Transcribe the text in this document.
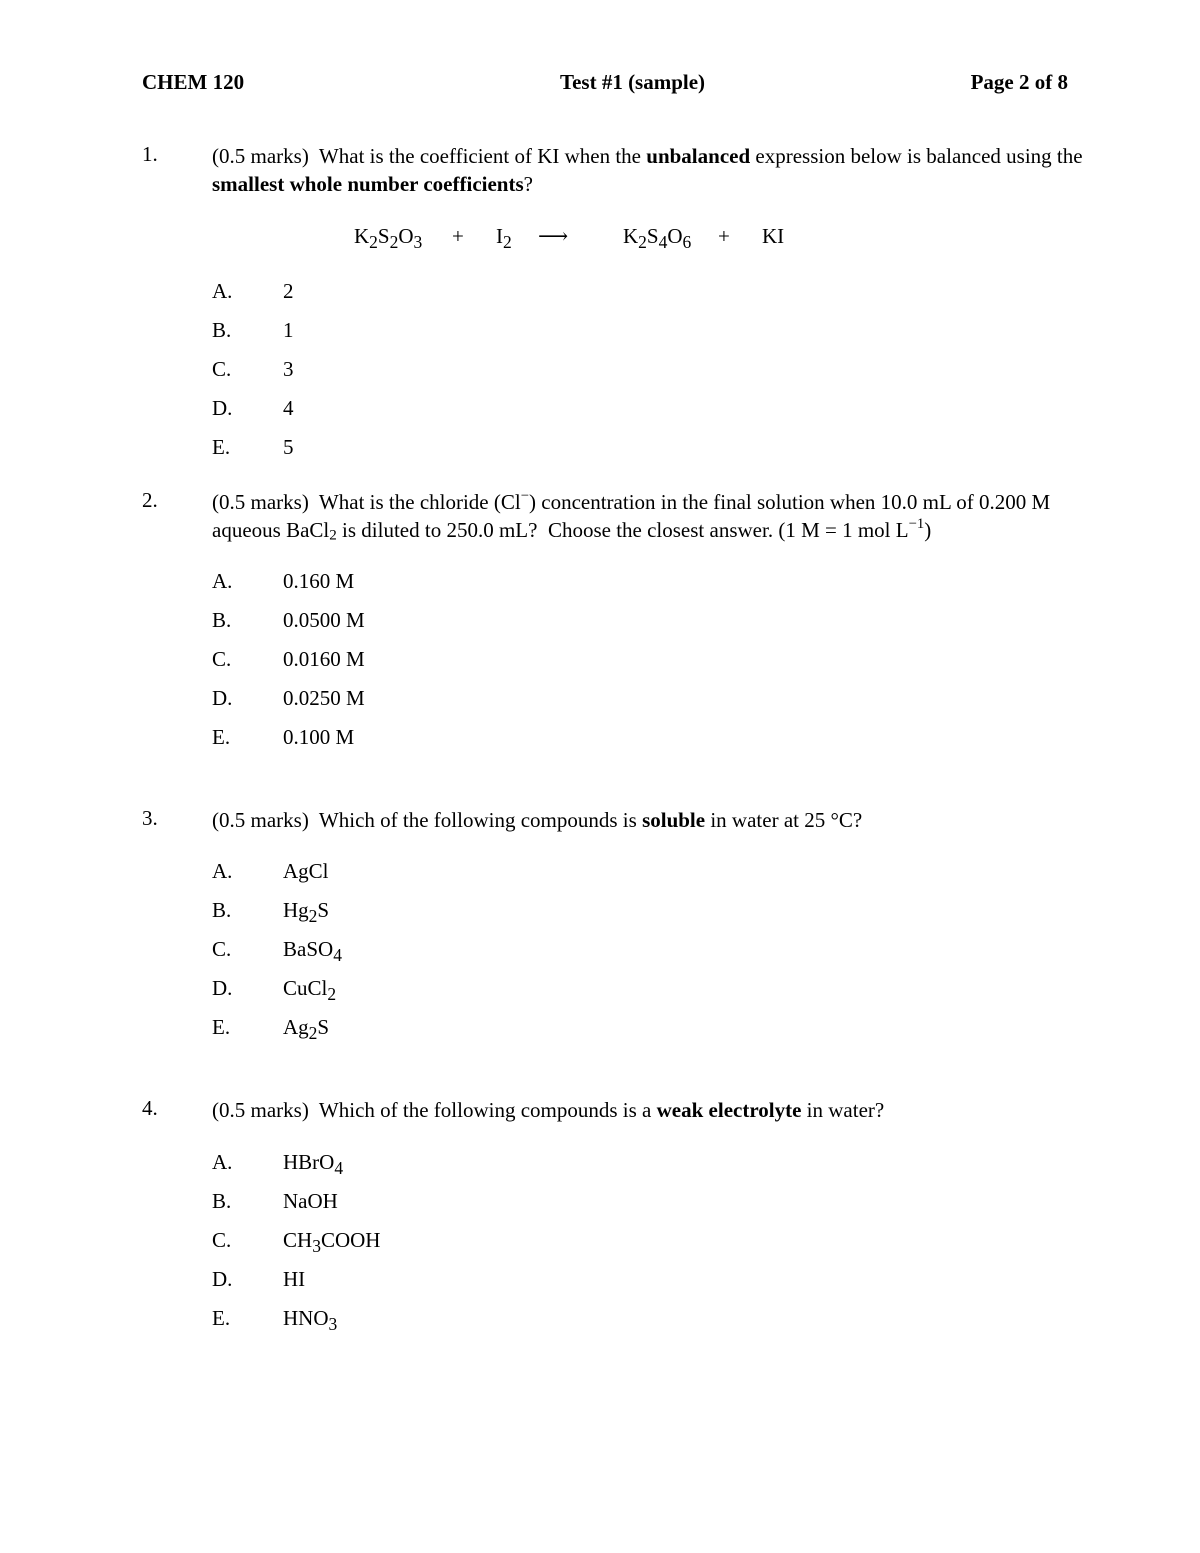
CHEM 120	Test #1 (sample)	Page 2 of 8
1.	(0.5 marks)  What is the coefficient of KI when the unbalanced expression below is balanced using the smallest whole number coefficients?
$K_2S_2O_3 + I_2$ ⟶	$K_2S_4O_6$ + KI
A. 2
B. 1
C. 3
D. 4
E.	5
2.	(0.5 marks)  What is the chloride (Cl−) concentration in the final solution when 10.0 mL of 0.200 M aqueous BaCl$_2$ is diluted to 250.0 mL?  Choose the closest answer. (1 M = 1 mol $L^{-1}$)
A. 0.160 M
B. 0.0500 M
C. 0.0160 M
D. 0.0250 M
E.	0.100 M
3.	(0.5 marks)  Which of the following compounds is soluble in water at 25 °C?
A. AgCl
B. $Hg_2S$
C. BaSO$_4$
D. CuCl$_2$
E.	$Ag_2S$
4.	(0.5 marks)  Which of the following compounds is a weak electrolyte in water?
A. HBrO$_4$
B. NaOH
C. $CH_3COOH$
D. HI
E.	$HNO_3$
